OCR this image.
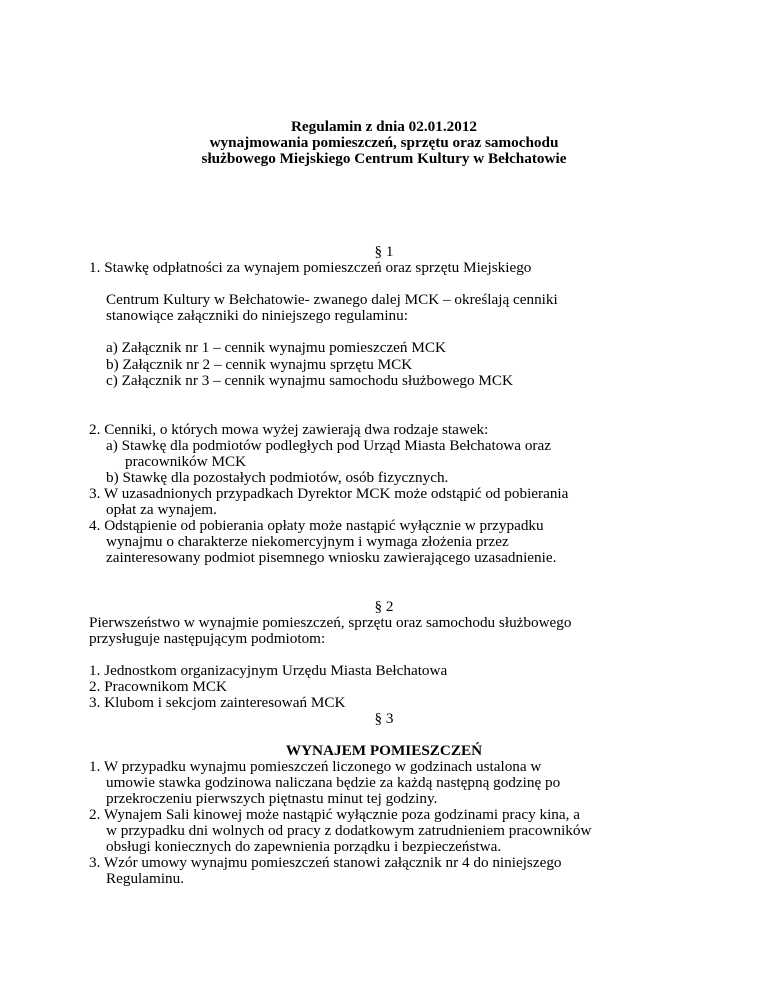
Regulamin z dnia 02.01.2012
wynajmowania pomieszczeń, sprzętu oraz samochodu
służbowego Miejskiego Centrum Kultury w Bełchatowie
§ 1
1. Stawkę odpłatności za wynajem pomieszczeń oraz sprzętu Miejskiego
Centrum Kultury w Bełchatowie- zwanego dalej MCK – określają cenniki
stanowiące załączniki do niniejszego regulaminu:
a) Załącznik nr 1 – cennik wynajmu pomieszczeń MCK
b) Załącznik nr 2 – cennik wynajmu sprzętu MCK
c) Załącznik nr 3 – cennik wynajmu samochodu służbowego MCK
2. Cenniki, o których mowa wyżej zawierają dwa rodzaje stawek:
a) Stawkę dla podmiotów podległych pod Urząd Miasta Bełchatowa oraz
pracowników MCK
b) Stawkę dla pozostałych podmiotów, osób fizycznych.
3. W uzasadnionych przypadkach Dyrektor MCK może odstąpić od pobierania
opłat za wynajem.
4. Odstąpienie od pobierania opłaty może nastąpić wyłącznie w przypadku
wynajmu o charakterze niekomercyjnym i wymaga złożenia przez
zainteresowany podmiot pisemnego wniosku zawierającego uzasadnienie.
§ 2
Pierwszeństwo w wynajmie pomieszczeń, sprzętu oraz samochodu służbowego
przysługuje następującym podmiotom:
1. Jednostkom organizacyjnym Urzędu Miasta Bełchatowa
2. Pracownikom MCK
3. Klubom i sekcjom zainteresowań MCK
§ 3
WYNAJEM POMIESZCZEŃ
1. W przypadku wynajmu pomieszczeń liczonego w godzinach ustalona w
umowie stawka godzinowa naliczana będzie za każdą następną godzinę po
przekroczeniu pierwszych piętnastu minut tej godziny.
2. Wynajem Sali kinowej może nastąpić wyłącznie poza godzinami pracy kina, a
w przypadku dni wolnych od pracy z dodatkowym zatrudnieniem pracowników
obsługi koniecznych do zapewnienia porządku i bezpieczeństwa.
3. Wzór umowy wynajmu pomieszczeń stanowi załącznik nr 4 do niniejszego
Regulaminu.
